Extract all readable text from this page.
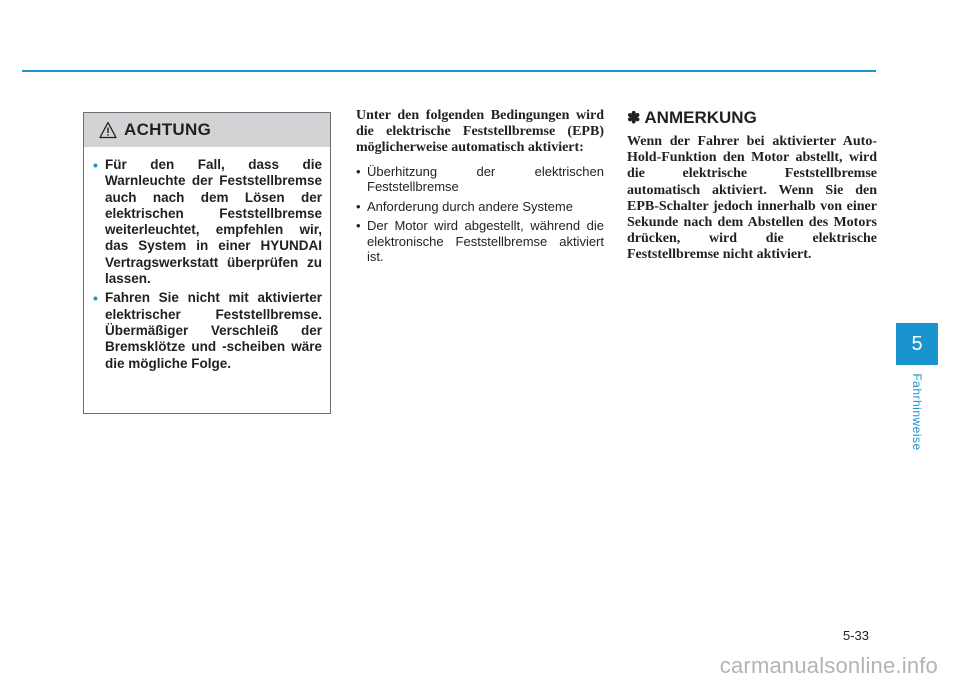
ACHTUNG
• Für den Fall, dass die Warnleuchte der Feststellbremse auch nach dem Lösen der elektrischen Feststellbremse weiterleuchtet, empfehlen wir, das System in einer HYUNDAI Vertragswerkstatt überprüfen zu lassen.
• Fahren Sie nicht mit aktivierter elektrischer Feststellbremse. Übermäßiger Verschleiß der Bremsklötze und -scheiben wäre die mögliche Folge.

Unter den folgenden Bedingungen wird die elektrische Feststellbremse (EPB) möglicherweise automatisch aktiviert:

• Überhitzung der elektrischen Feststellbremse
• Anforderung durch andere Systeme
• Der Motor wird abgestellt, während die elektronische Feststellbremse aktiviert ist.
✽ ANMERKUNG

Wenn der Fahrer bei aktivierter Auto-Hold-Funktion den Motor abstellt, wird die elektrische Feststellbremse automatisch aktiviert. Wenn Sie den EPB-Schalter jedoch innerhalb von einer Sekunde nach dem Abstellen des Motors drücken, wird die elektrische Feststellbremse nicht aktiviert.

5
Fahrhinweise
5-33
carmanualsonline.info
